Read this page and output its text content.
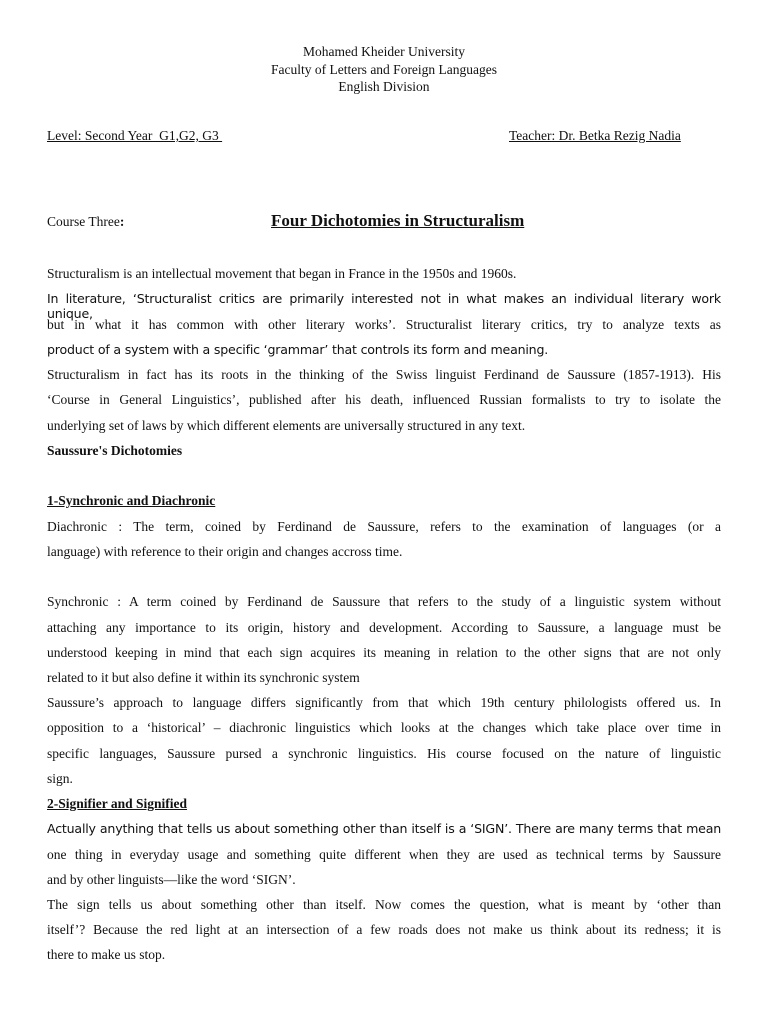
Mohamed Kheider University
Faculty of Letters and Foreign Languages
English Division
Level: Second Year  G1,G2, G3	Teacher: Dr. Betka Rezig Nadia
Course Three:	Four Dichotomies in Structuralism
Structuralism is an intellectual movement that began in France in the 1950s and 1960s.
In literature, ‘Structuralist critics are primarily interested not in what makes an individual literary work unique,
but in what it has common with other literary works’. Structuralist literary critics, try to analyze texts as
product of a system with a specific ‘grammar’ that controls its form and meaning.
Structuralism in fact has its roots in the thinking of the Swiss linguist Ferdinand de Saussure (1857-1913). His
‘Course in General Linguistics’, published after his death, influenced Russian formalists to try to isolate the
underlying set of laws by which different elements are universally structured in any text.
Saussure's Dichotomies
1-Synchronic and Diachronic
Diachronic : The term, coined by Ferdinand de Saussure, refers to the examination of languages (or a
language) with reference to their origin and changes accross time.
Synchronic : A term coined by Ferdinand de Saussure that refers to the study of a linguistic system without
attaching any importance to its origin, history and development. According to Saussure, a language must be
understood keeping in mind that each sign acquires its meaning in relation to the other signs that are not only
related to it but also define it within its synchronic system
Saussure’s approach to language differs significantly from that which 19th century philologists offered us. In
opposition to a ‘historical’ – diachronic linguistics which looks at the changes which take place over time in
specific languages, Saussure pursed a synchronic linguistics. His course focused on the nature of linguistic
sign.
2-Signifier and Signified
Actually anything that tells us about something other than itself is a ‘SIGN’. There are many terms that mean
one thing in everyday usage and something quite different when they are used as technical terms by Saussure
and by other linguists—like the word ‘SIGN’.
The sign tells us about something other than itself. Now comes the question, what is meant by ‘other than
itself’? Because the red light at an intersection of a few roads does not make us think about its redness; it is
there to make us stop.
